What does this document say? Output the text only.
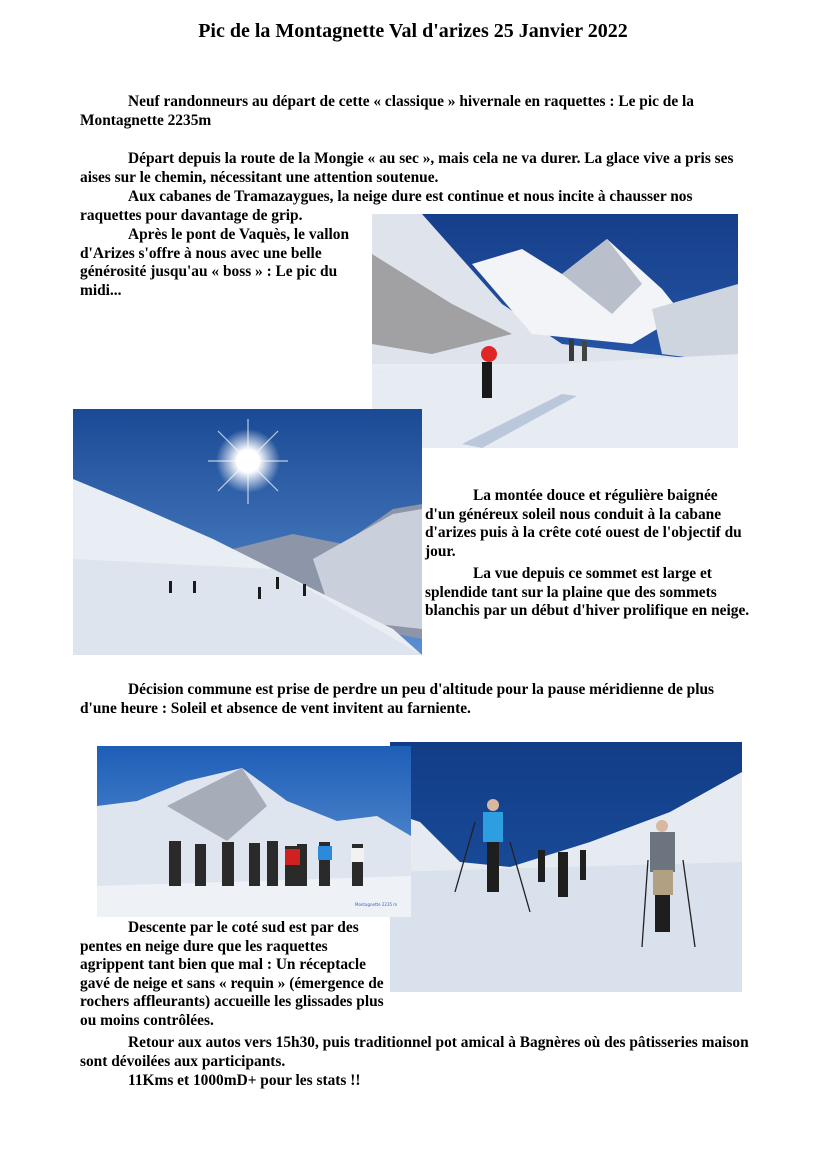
Pic de la Montagnette Val d'arizes 25 Janvier 2022

Neuf randonneurs au départ de cette « classique » hivernale en raquettes : Le pic de la Montagnette 2235m

Départ depuis la route de la Mongie « au sec », mais cela ne va durer. La glace vive a pris ses aises sur le chemin, nécessitant une attention soutenue.

Aux cabanes de Tramazaygues, la neige dure est continue et nous incite à chausser nos raquettes pour davantage de grip.

Après le pont de Vaquès, le vallon d'Arizes s'offre à nous avec une belle générosité jusqu'au « boss » : Le pic du midi...

La montée douce et régulière baignée d'un généreux soleil nous conduit à la cabane d'arizes puis à la crête coté ouest de l'objectif du jour.

La vue depuis ce sommet est large et splendide tant sur la plaine que des sommets blanchis par un début d'hiver prolifique en neige.

Décision commune est prise de perdre un peu d'altitude pour la pause méridienne de plus d'une heure : Soleil et absence de vent invitent au farniente.

Montagnette 2235 m

Descente par le coté sud est par des pentes en neige dure que les raquettes agrippent tant bien que mal : Un réceptacle gavé de neige et sans « requin » (émergence de rochers affleurants) accueille les glissades plus ou moins contrôlées.

Retour aux autos vers 15h30, puis traditionnel pot amical à Bagnères où des pâtisseries maison sont dévoilées aux participants.

11Kms et 1000mD+ pour les stats !!
